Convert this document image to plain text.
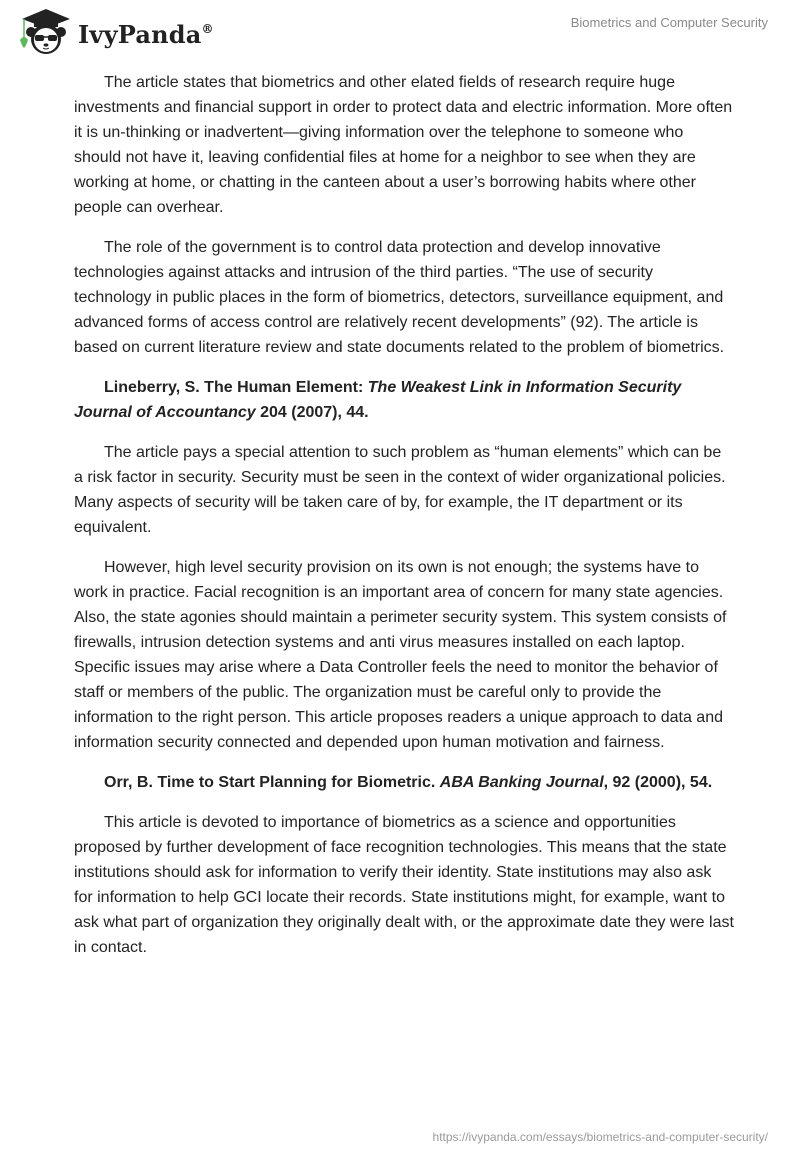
IvyPanda®	Biometrics and Computer Security

The article states that biometrics and other elated fields of research require huge investments and financial support in order to protect data and electric information. More often it is un-thinking or inadvertent—giving information over the telephone to someone who should not have it, leaving confidential files at home for a neighbor to see when they are working at home, or chatting in the canteen about a user’s borrowing habits where other people can overhear.

The role of the government is to control data protection and develop innovative technologies against attacks and intrusion of the third parties. “The use of security technology in public places in the form of biometrics, detectors, surveillance equipment, and advanced forms of access control are relatively recent developments” (92). The article is based on current literature review and state documents related to the problem of biometrics.

Lineberry, S. The Human Element: The Weakest Link in Information Security Journal of Accountancy 204 (2007), 44.

The article pays a special attention to such problem as “human elements” which can be a risk factor in security. Security must be seen in the context of wider organizational policies. Many aspects of security will be taken care of by, for example, the IT department or its equivalent.

However, high level security provision on its own is not enough; the systems have to work in practice. Facial recognition is an important area of concern for many state agencies. Also, the state agonies should maintain a perimeter security system. This system consists of firewalls, intrusion detection systems and anti virus measures installed on each laptop. Specific issues may arise where a Data Controller feels the need to monitor the behavior of staff or members of the public. The organization must be careful only to provide the information to the right person. This article proposes readers a unique approach to data and information security connected and depended upon human motivation and fairness.

Orr, B. Time to Start Planning for Biometric. ABA Banking Journal, 92 (2000), 54.

This article is devoted to importance of biometrics as a science and opportunities proposed by further development of face recognition technologies. This means that the state institutions should ask for information to verify their identity. State institutions may also ask for information to help GCI locate their records. State institutions might, for example, want to ask what part of organization they originally dealt with, or the approximate date they were last in contact.

https://ivypanda.com/essays/biometrics-and-computer-security/
